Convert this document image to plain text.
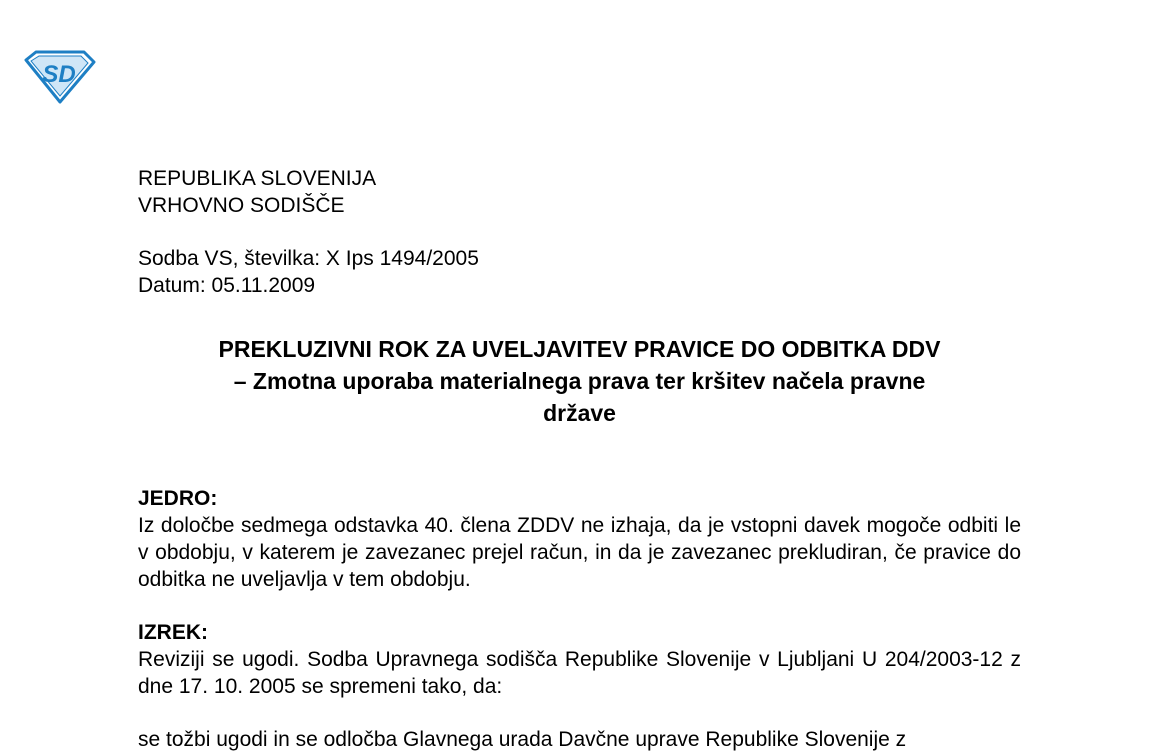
SD
REPUBLIKA SLOVENIJA
VRHOVNO SODIŠČE
Sodba VS, številka: X Ips 1494/2005
Datum: 05.11.2009
PREKLUZIVNI ROK ZA UVELJAVITEV PRAVICE DO ODBITKA DDV
– Zmotna uporaba materialnega prava ter kršitev načela pravne
države
JEDRO:
Iz določbe sedmega odstavka 40. člena ZDDV ne izhaja, da je vstopni davek mogoče odbiti le v obdobju, v katerem je zavezanec prejel račun, in da je zavezanec prekludiran, če pravice do odbitka ne uveljavlja v tem obdobju.
IZREK:
Reviziji se ugodi. Sodba Upravnega sodišča Republike Slovenije v Ljubljani U 204/2003-12 z dne 17. 10. 2005 se spremeni tako, da:
se tožbi ugodi in se odločba Glavnega urada Davčne uprave Republike Slovenije z
